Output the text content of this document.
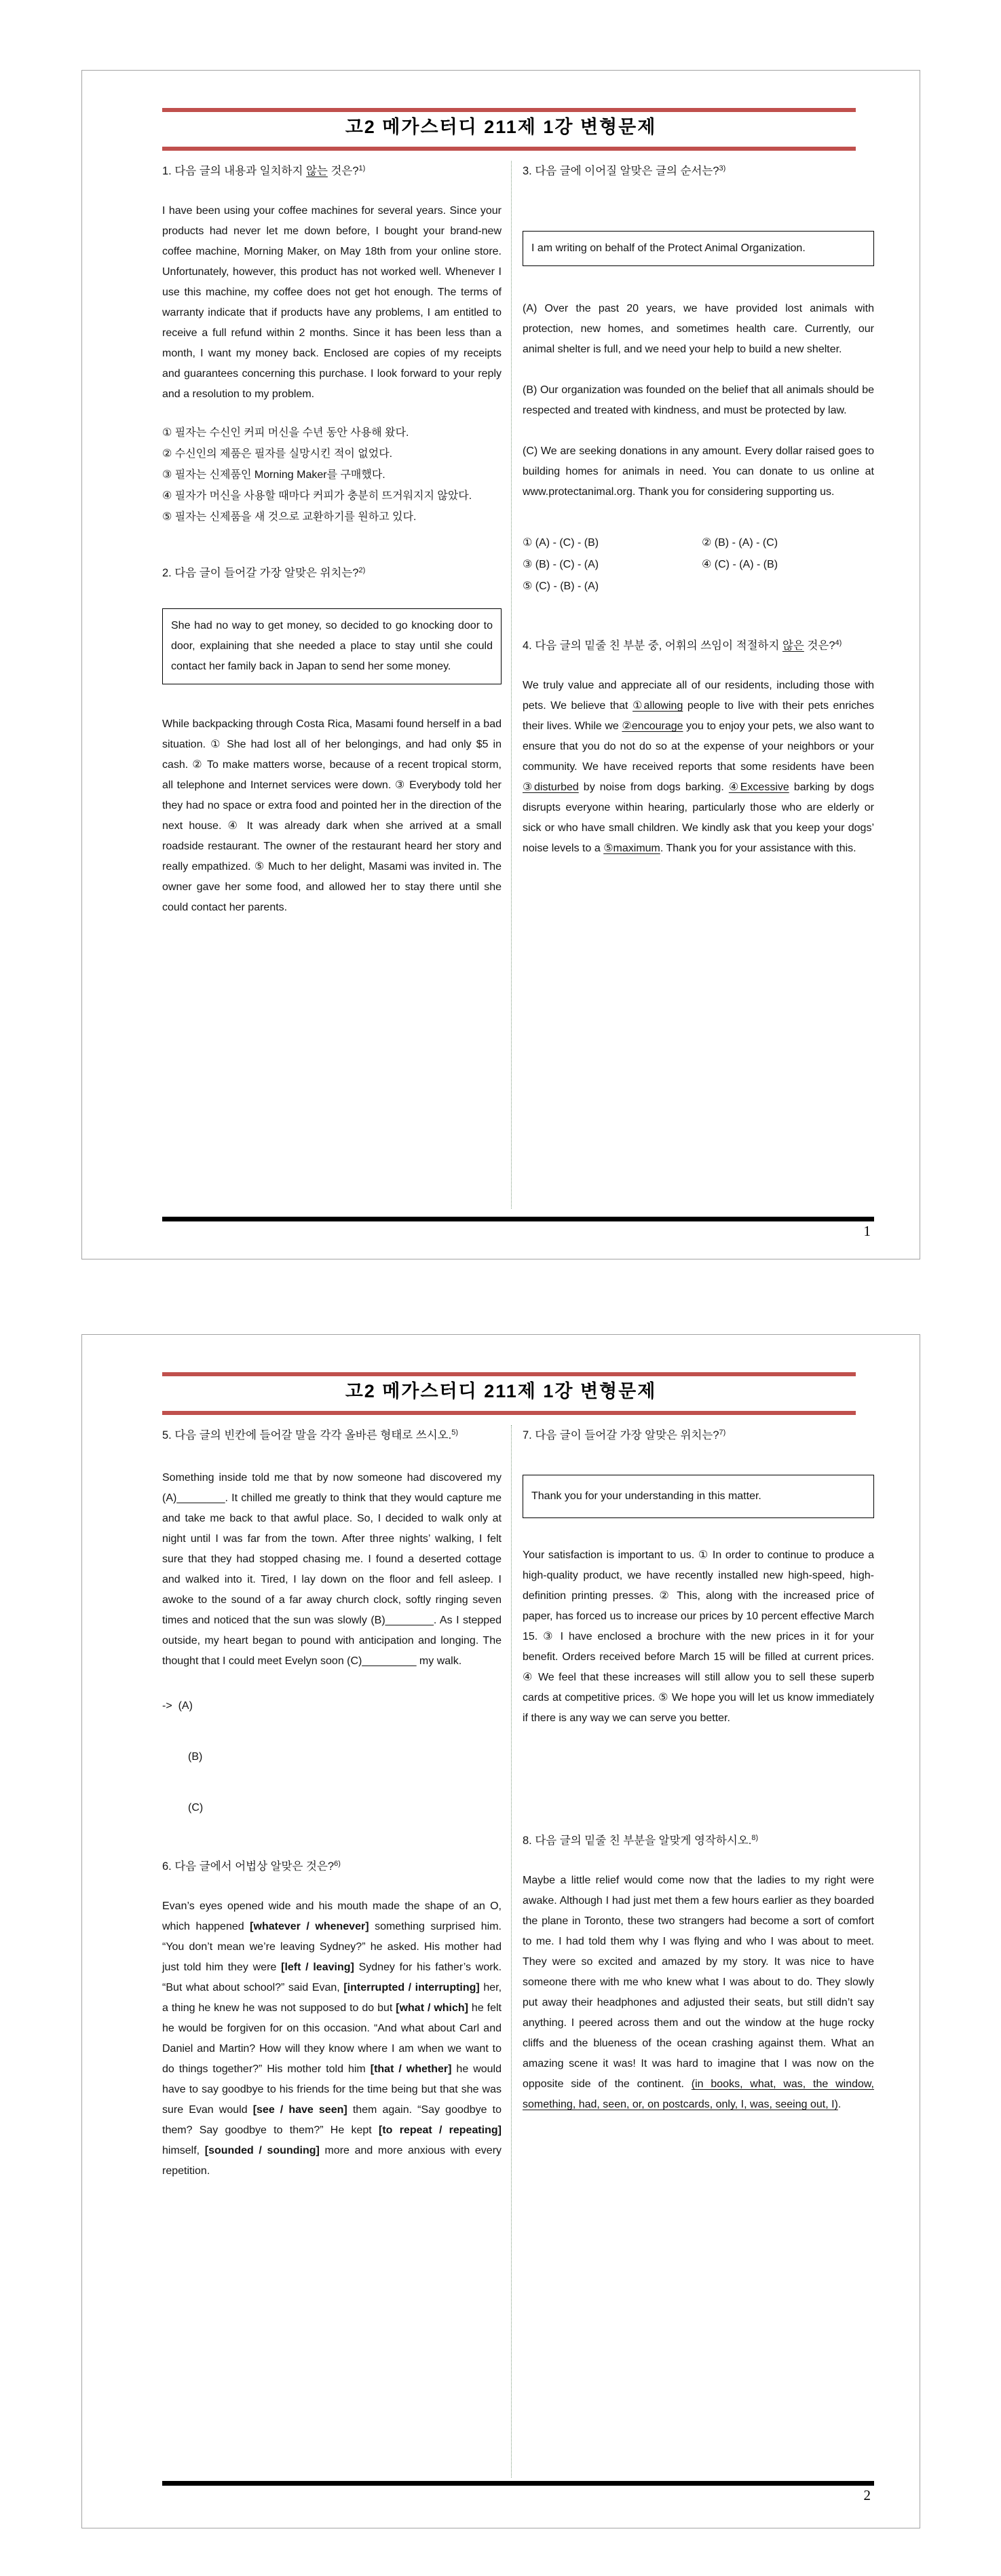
고2 메가스터디 211제 1강 변형문제

1. 다음 글의 내용과 일치하지 않는 것은?$^{1)}$

I have been using your coffee machines for several years. Since your products had never let me down before, I bought your brand-new coffee machine, Morning Maker, on May 18th from your online store. Unfortunately, however, this product has not worked well. Whenever I use this machine, my coffee does not get hot enough. The terms of warranty indicate that if products have any problems, I am entitled to receive a full refund within 2 months. Since it has been less than a month, I want my money back. Enclosed are copies of my receipts and guarantees concerning this purchase. I look forward to your reply and a resolution to my problem.

① 필자는 수신인 커피 머신을 수년 동안 사용해 왔다.
② 수신인의 제품은 필자를 실망시킨 적이 없었다.
③ 필자는 신제품인 Morning Maker를 구매했다.
④ 필자가 머신을 사용할 때마다 커피가 충분히 뜨거워지지 않았다.
⑤ 필자는 신제품을 새 것으로 교환하기를 원하고 있다.

2. 다음 글이 들어갈 가장 알맞은 위치는?$^{2)}$

She had no way to get money, so decided to go knocking door to door, explaining that she needed a place to stay until she could contact her family back in Japan to send her some money.

While backpacking through Costa Rica, Masami found herself in a bad situation. ① She had lost all of her belongings, and had only $5 in cash. ② To make matters worse, because of a recent tropical storm, all telephone and Internet services were down. ③ Everybody told her they had no space or extra food and pointed her in the direction of the next house. ④ It was already dark when she arrived at a small roadside restaurant. The owner of the restaurant heard her story and really empathized. ⑤ Much to her delight, Masami was invited in. The owner gave her some food, and allowed her to stay there until she could contact her parents.

3. 다음 글에 이어질 알맞은 글의 순서는?$^{3)}$

I am writing on behalf of the Protect Animal Organization.

(A) Over the past 20 years, we have provided lost animals with protection, new homes, and sometimes health care. Currently, our animal shelter is full, and we need your help to build a new shelter.

(B) Our organization was founded on the belief that all animals should be respected and treated with kindness, and must be protected by law.

(C) We are seeking donations in any amount. Every dollar raised goes to building homes for animals in need. You can donate to us online at www.protectanimal.org. Thank you for considering supporting us.

① (A) - (C) - (B)	② (B) - (A) - (C)
③ (B) - (C) - (A)	④ (C) - (A) - (B)
⑤ (C) - (B) - (A)

4. 다음 글의 밑줄 친 부분 중, 어휘의 쓰임이 적절하지 않은 것은?$^{4)}$

We truly value and appreciate all of our residents, including those with pets. We believe that ①allowing people to live with their pets enriches their lives. While we ②encourage you to enjoy your pets, we also want to ensure that you do not do so at the expense of your neighbors or your community. We have received reports that some residents have been ③disturbed by noise from dogs barking. ④Excessive barking by dogs disrupts everyone within hearing, particularly those who are elderly or sick or who have small children. We kindly ask that you keep your dogs’ noise levels to a ⑤maximum. Thank you for your assistance with this.

1
고2 메가스터디 211제 1강 변형문제

5. 다음 글의 빈칸에 들어갈 말을 각각 올바른 형태로 쓰시오.$^{5)}$

Something inside told me that by now someone had discovered my (A)________. It chilled me greatly to think that they would capture me and take me back to that awful place. So, I decided to walk only at night until I was far from the town. After three nights’ walking, I felt sure that they had stopped chasing me. I found a deserted cottage and walked into it. Tired, I lay down on the floor and fell asleep. I awoke to the sound of a far away church clock, softly ringing seven times and noticed that the sun was slowly (B)________. As I stepped outside, my heart began to pound with anticipation and longing. The thought that I could meet Evelyn soon (C)_________ my walk.

-> (A)
(B)
(C)

6. 다음 글에서 어법상 알맞은 것은?$^{6)}$

Evan’s eyes opened wide and his mouth made the shape of an O, which happened [whatever / whenever] something surprised him. “You don’t mean we’re leaving Sydney?” he asked. His mother had just told him they were [left / leaving] Sydney for his father’s work. “But what about school?” said Evan, [interrupted / interrupting] her, a thing he knew he was not supposed to do but [what / which] he felt he would be forgiven for on this occasion. “And what about Carl and Daniel and Martin? How will they know where I am when we want to do things together?” His mother told him [that / whether] he would have to say goodbye to his friends for the time being but that she was sure Evan would [see / have seen] them again. “Say goodbye to them? Say goodbye to them?” He kept [to repeat / repeating] himself, [sounded / sounding] more and more anxious with every repetition.

7. 다음 글이 들어갈 가장 알맞은 위치는?$^{7)}$

Thank you for your understanding in this matter.

Your satisfaction is important to us. ① In order to continue to produce a high-quality product, we have recently installed new high-speed, high-definition printing presses. ② This, along with the increased price of paper, has forced us to increase our prices by 10 percent effective March 15. ③ I have enclosed a brochure with the new prices in it for your benefit. Orders received before March 15 will be filled at current prices. ④ We feel that these increases will still allow you to sell these superb cards at competitive prices. ⑤ We hope you will let us know immediately if there is any way we can serve you better.

8. 다음 글의 밑줄 친 부분을 알맞게 영작하시오.$^{8)}$

Maybe a little relief would come now that the ladies to my right were awake. Although I had just met them a few hours earlier as they boarded the plane in Toronto, these two strangers had become a sort of comfort to me. I had told them why I was flying and who I was about to meet. They were so excited and amazed by my story. It was nice to have someone there with me who knew what I was about to do. They slowly put away their headphones and adjusted their seats, but still didn’t say anything. I peered across them and out the window at the huge rocky cliffs and the blueness of the ocean crashing against them. What an amazing scene it was! It was hard to imagine that I was now on the opposite side of the continent. (in books, what, was, the window, something, had, seen, or, on postcards, only, I, was, seeing out, I).

2
